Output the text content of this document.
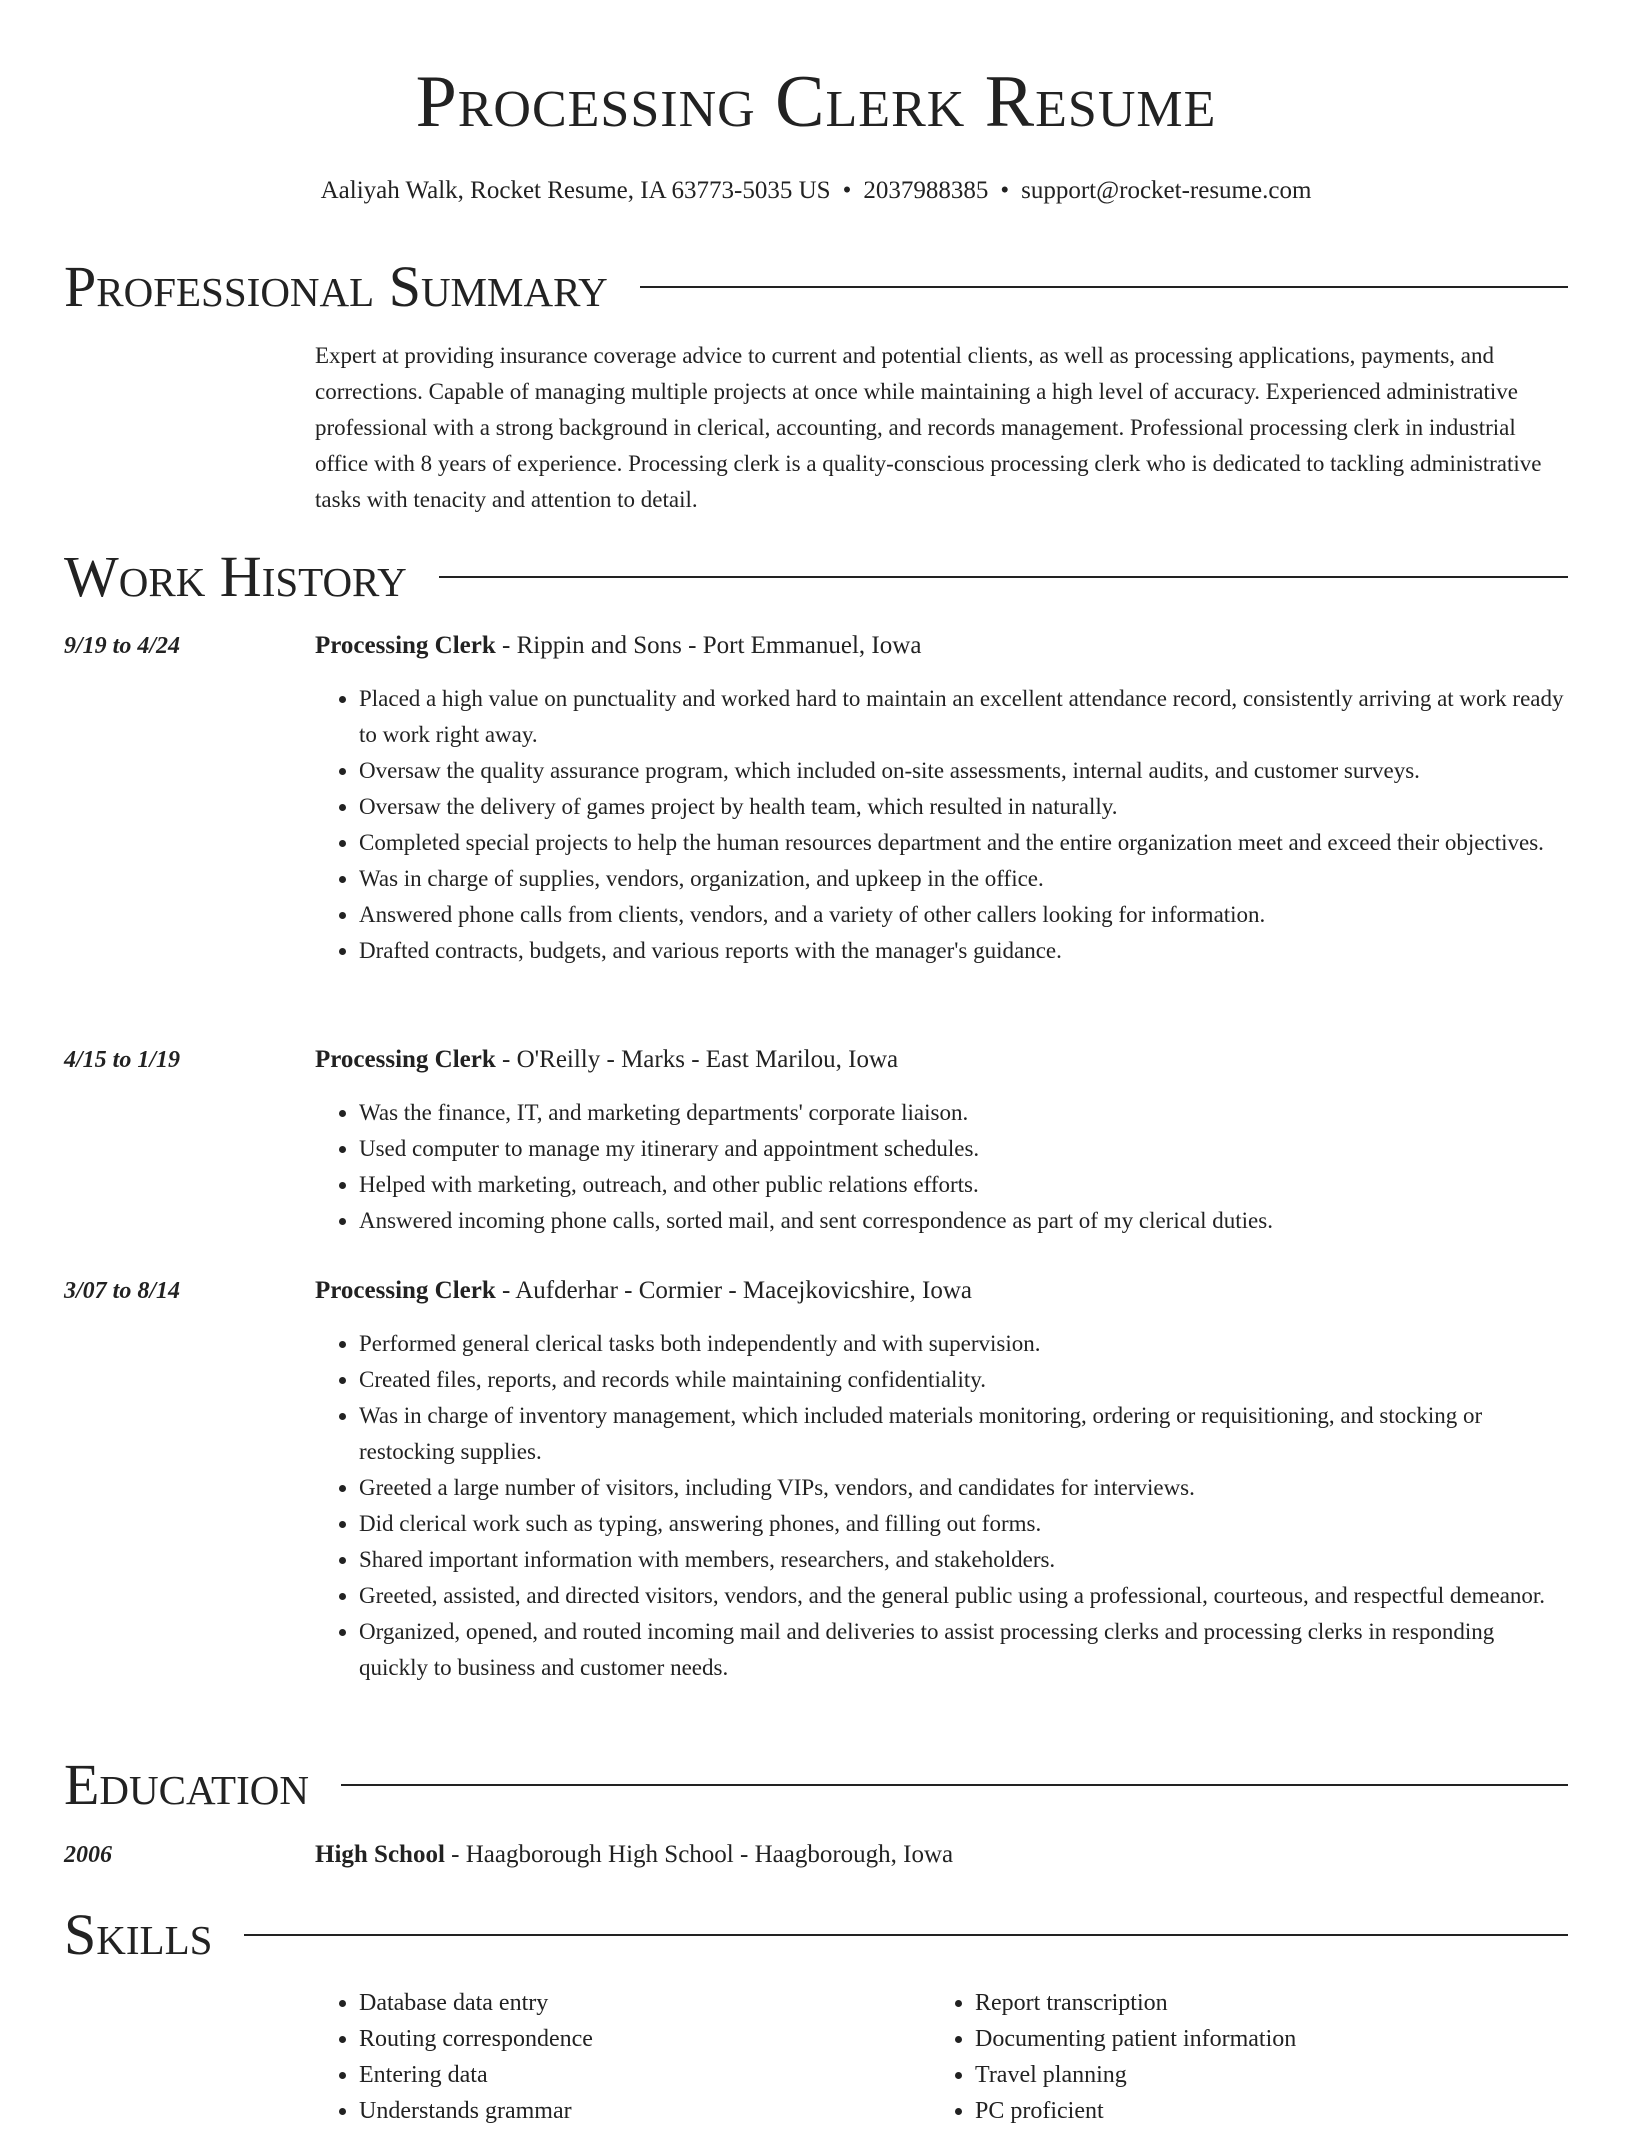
Processing Clerk Resume
Aaliyah Walk, Rocket Resume, IA 63773-5035 US • 2037988385 • support@rocket-resume.com
Professional Summary

Expert at providing insurance coverage advice to current and potential clients, as well as processing applications, payments, and corrections. Capable of managing multiple projects at once while maintaining a high level of accuracy. Experienced administrative professional with a strong background in clerical, accounting, and records management. Professional processing clerk in industrial office with 8 years of experience. Processing clerk is a quality-conscious processing clerk who is dedicated to tackling administrative tasks with tenacity and attention to detail.

Work History
9/19 to 4/24	Processing Clerk - Rippin and Sons - Port Emmanuel, Iowa
• Placed a high value on punctuality and worked hard to maintain an excellent attendance record, consistently arriving at work ready to work right away.
• Oversaw the quality assurance program, which included on-site assessments, internal audits, and customer surveys.
• Oversaw the delivery of games project by health team, which resulted in naturally.
• Completed special projects to help the human resources department and the entire organization meet and exceed their objectives.
• Was in charge of supplies, vendors, organization, and upkeep in the office.
• Answered phone calls from clients, vendors, and a variety of other callers looking for information.
• Drafted contracts, budgets, and various reports with the manager's guidance.
4/15 to 1/19	Processing Clerk - O'Reilly - Marks - East Marilou, Iowa
• Was the finance, IT, and marketing departments' corporate liaison.
• Used computer to manage my itinerary and appointment schedules.
• Helped with marketing, outreach, and other public relations efforts.
• Answered incoming phone calls, sorted mail, and sent correspondence as part of my clerical duties.
3/07 to 8/14	Processing Clerk - Aufderhar - Cormier - Macejkovicshire, Iowa
• Performed general clerical tasks both independently and with supervision.
• Created files, reports, and records while maintaining confidentiality.
• Was in charge of inventory management, which included materials monitoring, ordering or requisitioning, and stocking or restocking supplies.
• Greeted a large number of visitors, including VIPs, vendors, and candidates for interviews.
• Did clerical work such as typing, answering phones, and filling out forms.
• Shared important information with members, researchers, and stakeholders.
• Greeted, assisted, and directed visitors, vendors, and the general public using a professional, courteous, and respectful demeanor.
• Organized, opened, and routed incoming mail and deliveries to assist processing clerks and processing clerks in responding quickly to business and customer needs.
Education
2006	High School - Haagborough High School - Haagborough, Iowa
Skills
• Database data entry
• Routing correspondence
• Entering data
• Understands grammar
• Report transcription
• Documenting patient information
• Travel planning
• PC proficient
